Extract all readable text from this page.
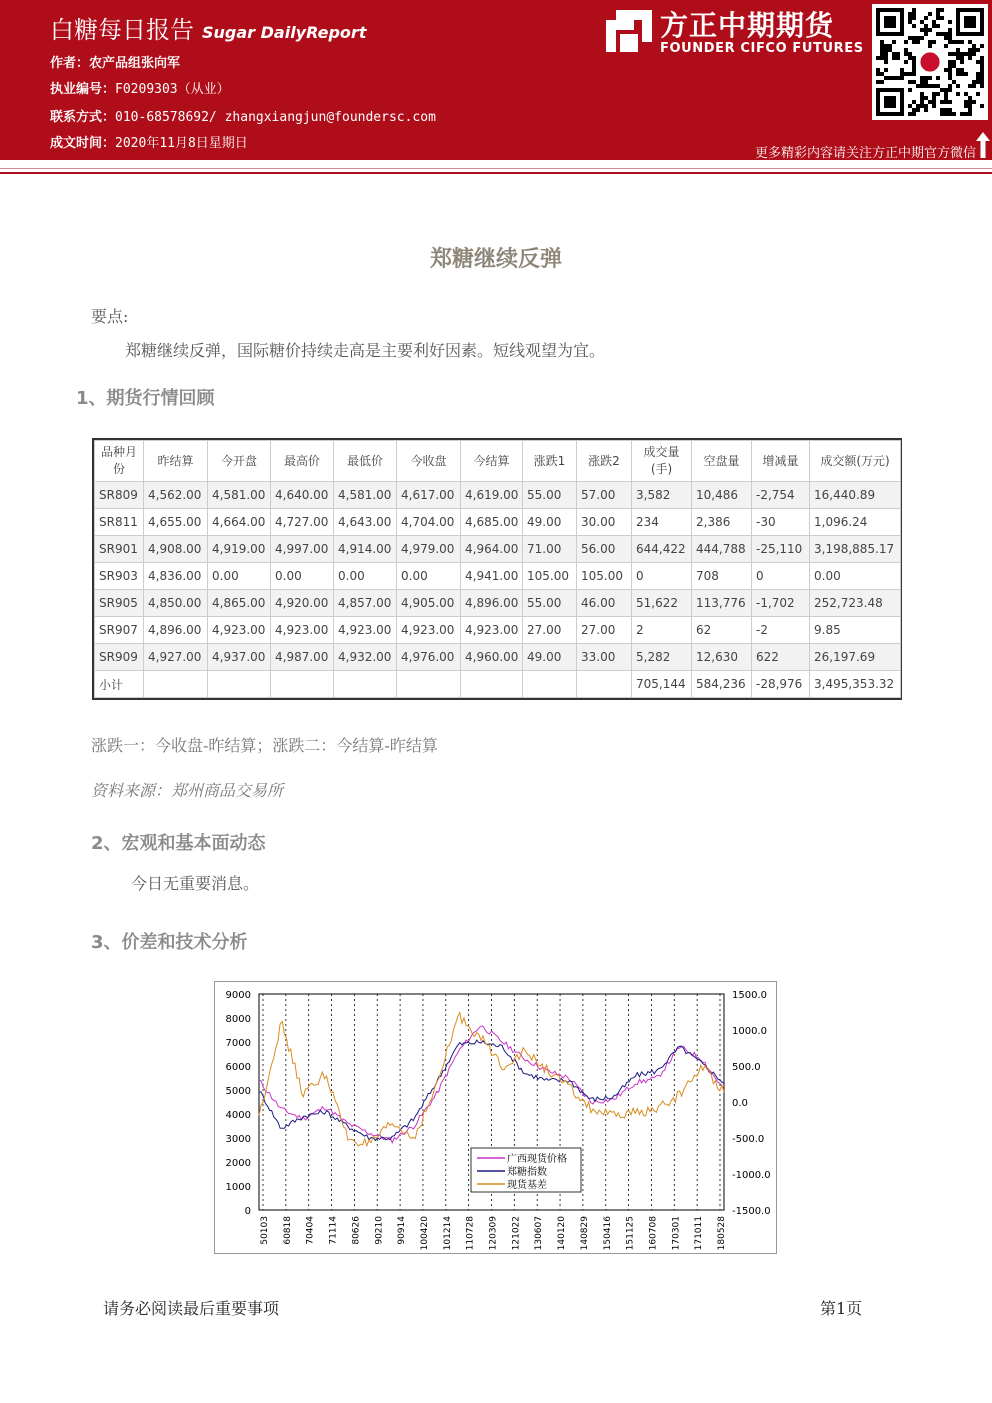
白糖每日报告 Sugar DailyReport
作者：农产品组张向军
执业编号：F0209303（从业）
联系方式：010-68578692/ zhangxiangjun@foundersc.com
成文时间：2020年11月8日星期日
方正中期期货
FOUNDER CIFCO FUTURES
更多精彩内容请关注方正中期官方微信
郑糖继续反弹
要点:
郑糖继续反弹，国际糖价持续走高是主要利好因素。短线观望为宜。
1、期货行情回顾
品种月份	昨结算	今开盘	最高价	最低价	今收盘	今结算	涨跌1	涨跌2	成交量(手)	空盘量	增减量	成交额(万元)
SR809	4,562.00	4,581.00	4,640.00	4,581.00	4,617.00	4,619.00	55.00	57.00	3,582	10,486	-2,754	16,440.89
SR811	4,655.00	4,664.00	4,727.00	4,643.00	4,704.00	4,685.00	49.00	30.00	234	2,386	-30	1,096.24
SR901	4,908.00	4,919.00	4,997.00	4,914.00	4,979.00	4,964.00	71.00	56.00	644,422	444,788	-25,110	3,198,885.17
SR903	4,836.00	0.00	0.00	0.00	0.00	4,941.00	105.00	105.00	0	708	0	0.00
SR905	4,850.00	4,865.00	4,920.00	4,857.00	4,905.00	4,896.00	55.00	46.00	51,622	113,776	-1,702	252,723.48
SR907	4,896.00	4,923.00	4,923.00	4,923.00	4,923.00	4,923.00	27.00	27.00	2	62	-2	9.85
SR909	4,927.00	4,937.00	4,987.00	4,932.00	4,976.00	4,960.00	49.00	33.00	5,282	12,630	622	26,197.69
小计									705,144	584,236	-28,976	3,495,353.32
涨跌一：今收盘-昨结算；涨跌二：今结算-昨结算
资料来源：郑州商品交易所
2、宏观和基本面动态
今日无重要消息。
3、价差和技术分析
0
1000
2000
3000
4000
5000
6000
7000
8000
9000
-1500.0
-1000.0
-500.0
0.0
500.0
1000.0
1500.0
50103 60818 70404 71114 80626 90210 90914 100420 101214 110728 120309 121022 130607 140120 140829 150416 151125 160708 170301 171011 180528
广西现货价格
郑糖指数
现货基差
请务必阅读最后重要事项	第1页
